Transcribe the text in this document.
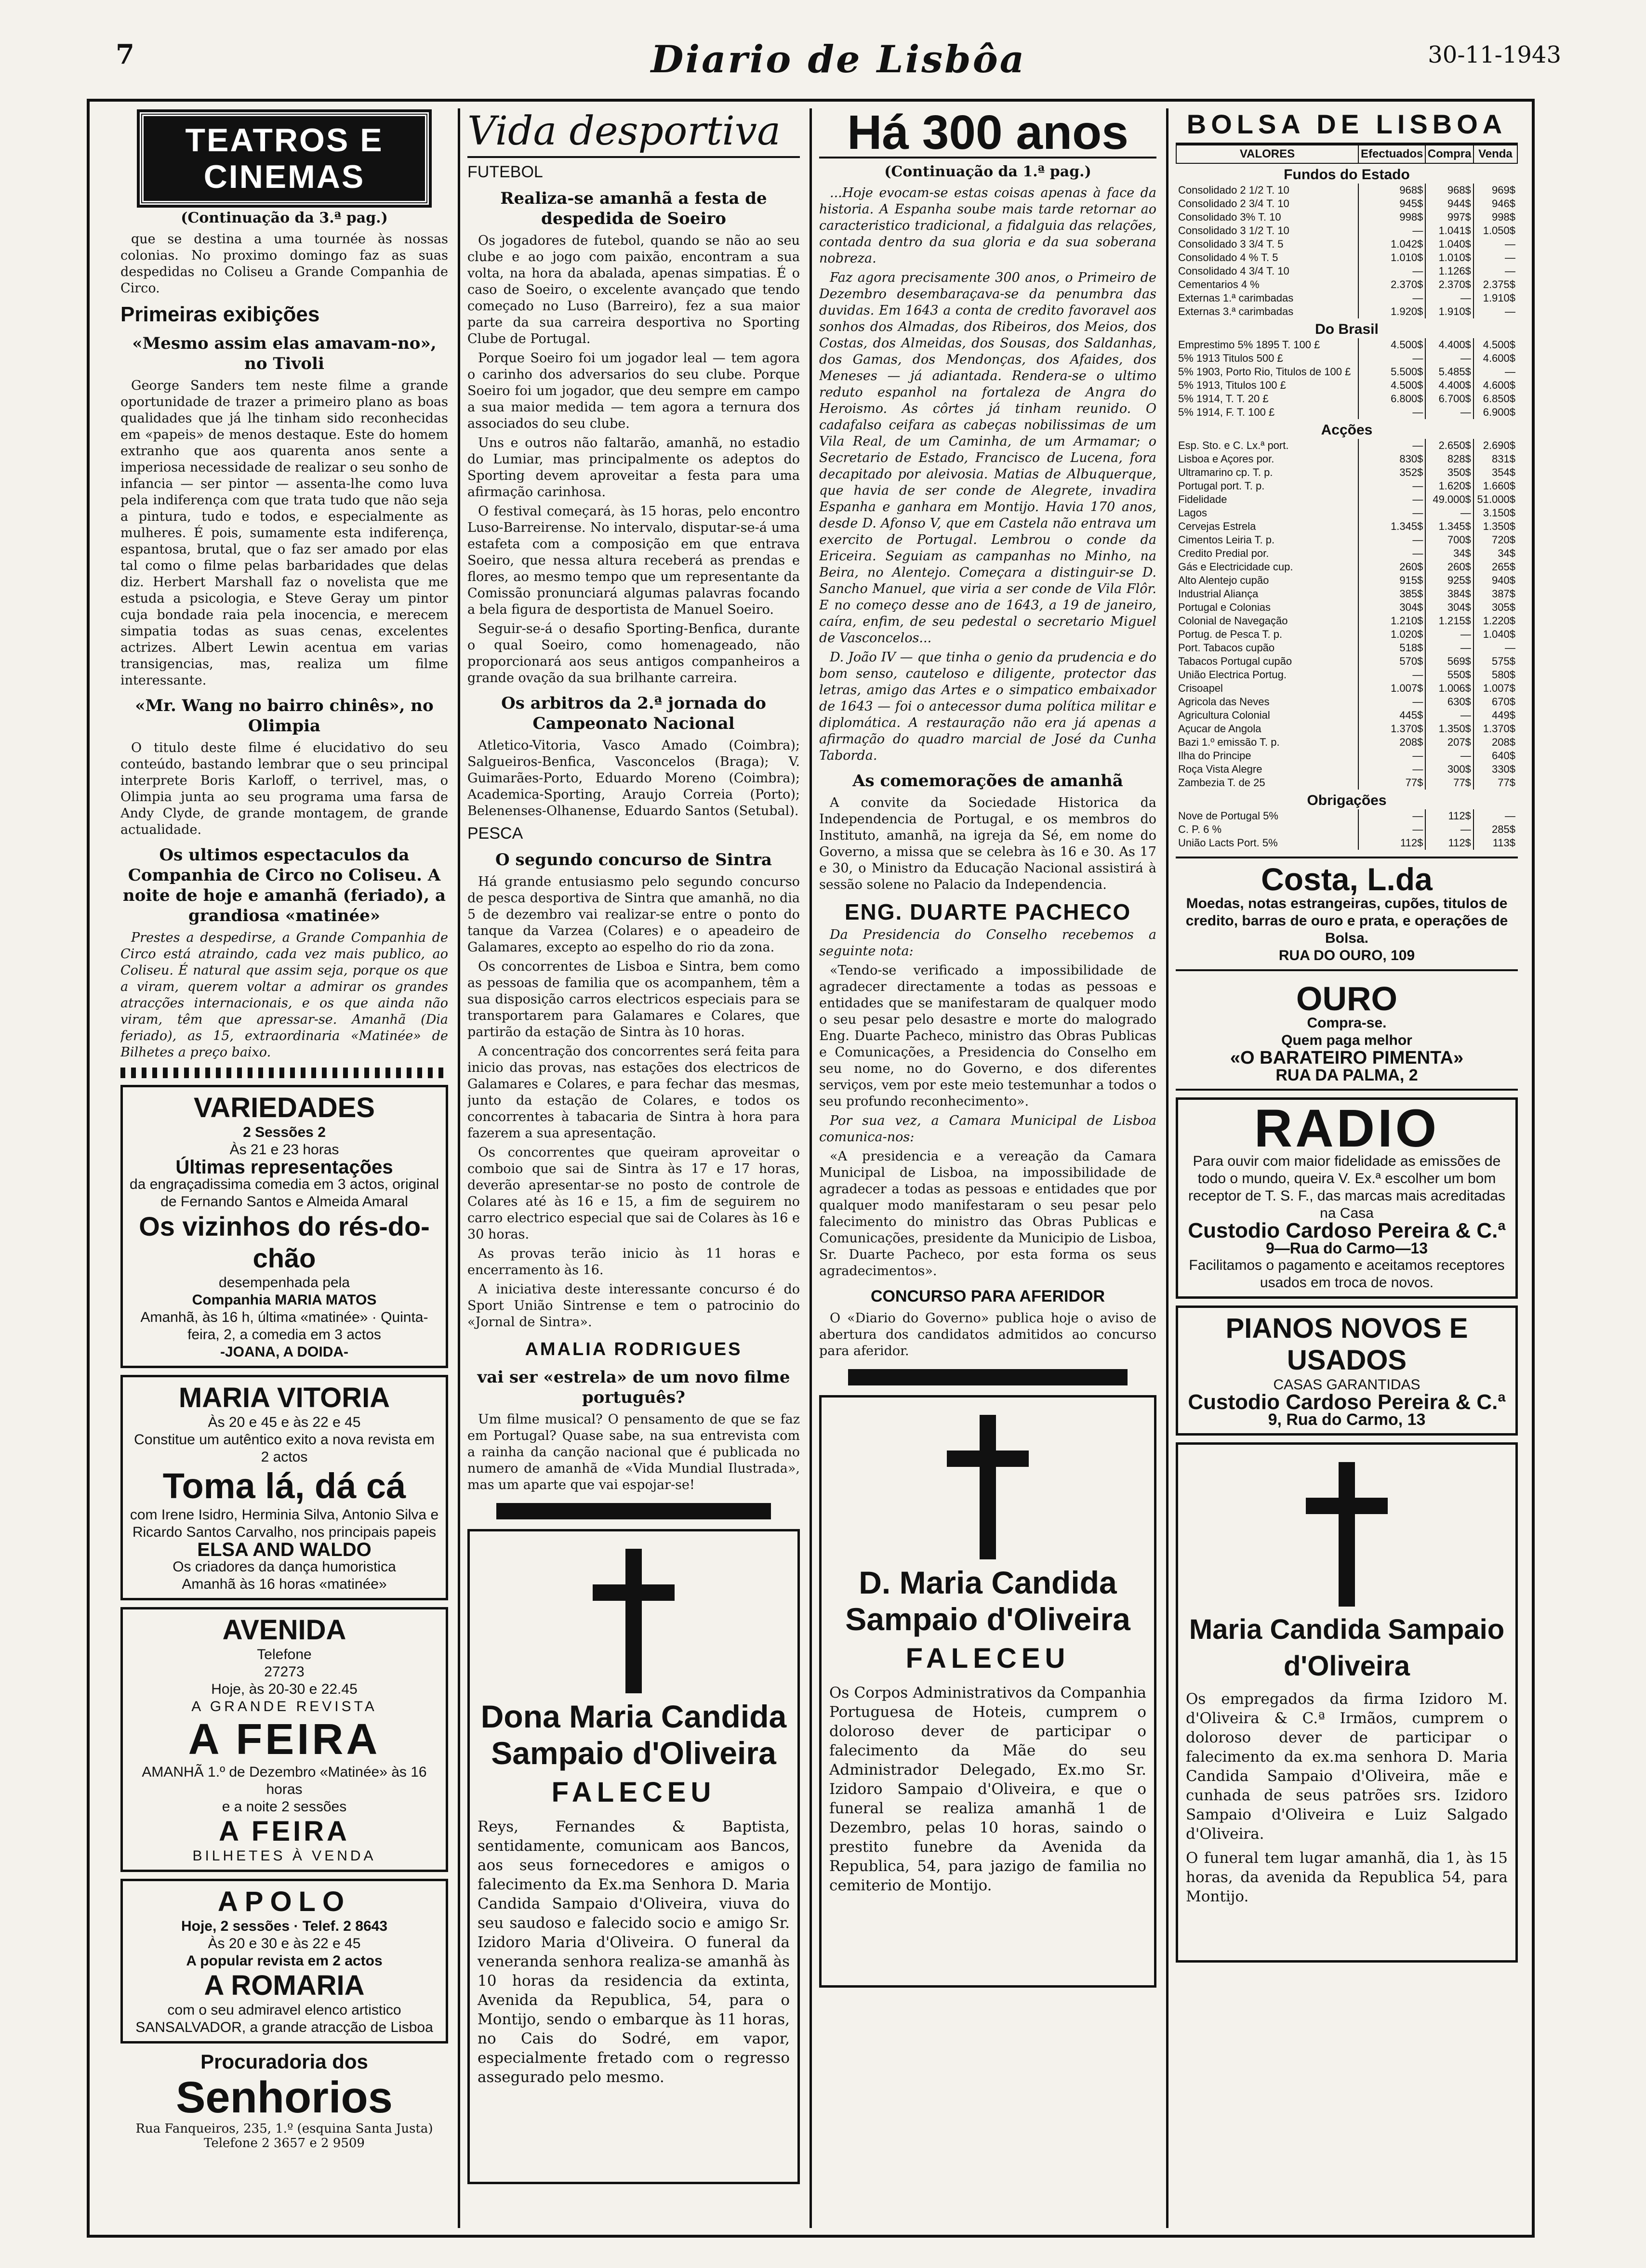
7	Diario de Lisbôa	30-11-1943
TEATROS E CINEMAS
(Continuação da 3.ª pag.)

que se destina a uma tournée às nossas colonias. No proximo domingo faz as suas despedidas no Coliseu a Grande Companhia de Circo.

Primeiras exibições
«Mesmo assim elas amavam-no», no Tivoli

George Sanders tem neste filme a grande oportunidade de trazer a primeiro plano as boas qualidades que já lhe tinham sido reconhecidas em «papeis» de menos destaque. Este do homem extranho que aos quarenta anos sente a imperiosa necessidade de realizar o seu sonho de infancia — ser pintor — assenta-lhe como luva pela indiferença com que trata tudo que não seja a pintura, tudo e todos, e especialmente as mulheres. É pois, sumamente esta indiferença, espantosa, brutal, que o faz ser amado por elas tal como o filme pelas barbaridades que delas diz. Herbert Marshall faz o novelista que me estuda a psicologia, e Steve Geray um pintor cuja bondade raia pela inocencia, e merecem simpatia todas as suas cenas, excelentes actrizes. Albert Lewin acentua em varias transigencias, mas, realiza um filme interessante.

«Mr. Wang no bairro chinês», no Olimpia

O titulo deste filme é elucidativo do seu conteúdo, bastando lembrar que o seu principal interprete Boris Karloff, o terrivel, mas, o Olimpia junta ao seu programa uma farsa de Andy Clyde, de grande montagem, de grande actualidade.

Os ultimos espectaculos da Companhia de Circo no Coliseu. A noite de hoje e amanhã (feriado), a grandiosa «matinée»

Prestes a despedirse, a Grande Companhia de Circo está atraindo, cada vez mais publico, ao Coliseu. É natural que assim seja, porque os que a viram, querem voltar a admirar os grandes atracções internacionais, e os que ainda não viram, têm que apressar-se. Amanhã (Dia feriado), as 15, extraordinaria «Matinée» de Bilhetes a preço baixo.

VARIEDADES
2 Sessões 2
Às 21 e 23 horas
Últimas representações
da engraçadissima comedia em 3 actos, original de Fernando Santos e Almeida Amaral
Os vizinhos do rés-do-chão
desempenhada pela
Companhia MARIA MATOS
Amanhã, às 16 h, última «matinée» · Quinta-feira, 2, a comedia em 3 actos
-JOANA, A DOIDA-
MARIA VITORIA
Às 20 e 45 e às 22 e 45
Constitue um autêntico exito a nova revista em 2 actos
Toma lá, dá cá
com Irene Isidro, Herminia Silva, Antonio Silva e Ricardo Santos Carvalho, nos principais papeis
ELSA AND WALDO
Os criadores da dança humoristica
Amanhã às 16 horas «matinée»
AVENIDA
Telefone
27273
Hoje, às 20-30 e 22.45
A GRANDE REVISTA
A FEIRA
AMANHÃ 1.º de Dezembro «Matinée» às 16 horas
e a noite 2 sessões
A FEIRA
BILHETES À VENDA
APOLO
Hoje, 2 sessões · Telef. 2 8643
Às 20 e 30 e às 22 e 45
A popular revista em 2 actos
A ROMARIA
com o seu admiravel elenco artistico SANSALVADOR, a grande atracção de Lisboa
Procuradoria dos
Senhorios
Rua Fanqueiros, 235, 1.º (esquina Santa Justa)
Telefone 2 3657 e 2 9509
Vida desportiva
FUTEBOL
Realiza-se amanhã a festa de despedida de Soeiro

Os jogadores de futebol, quando se não ao seu clube e ao jogo com paixão, encontram a sua volta, na hora da abalada, apenas simpatias. É o caso de Soeiro, o excelente avançado que tendo começado no Luso (Barreiro), fez a sua maior parte da sua carreira desportiva no Sporting Clube de Portugal.

Porque Soeiro foi um jogador leal — tem agora o carinho dos adversarios do seu clube. Porque Soeiro foi um jogador, que deu sempre em campo a sua maior medida — tem agora a ternura dos associados do seu clube.

Uns e outros não faltarão, amanhã, no estadio do Lumiar, mas principalmente os adeptos do Sporting devem aproveitar a festa para uma afirmação carinhosa.

O festival começará, às 15 horas, pelo encontro Luso-Barreirense. No intervalo, disputar-se-á uma estafeta com a composição em que entrava Soeiro, que nessa altura receberá as prendas e flores, ao mesmo tempo que um representante da Comissão pronunciará algumas palavras focando a bela figura de desportista de Manuel Soeiro.

Seguir-se-á o desafio Sporting-Benfica, durante o qual Soeiro, como homenageado, não proporcionará aos seus antigos companheiros a grande ovação da sua brilhante carreira.

Os arbitros da 2.ª jornada do Campeonato Nacional

Atletico-Vitoria, Vasco Amado (Coimbra); Salgueiros-Benfica, Vasconcelos (Braga); V. Guimarães-Porto, Eduardo Moreno (Coimbra); Academica-Sporting, Araujo Correia (Porto); Belenenses-Olhanense, Eduardo Santos (Setubal).

PESCA
O segundo concurso de Sintra

Há grande entusiasmo pelo segundo concurso de pesca desportiva de Sintra que amanhã, no dia 5 de dezembro vai realizar-se entre o ponto do tanque da Varzea (Colares) e o apeadeiro de Galamares, excepto ao espelho do rio da zona.

Os concorrentes de Lisboa e Sintra, bem como as pessoas de familia que os acompanhem, têm a sua disposição carros electricos especiais para se transportarem para Galamares e Colares, que partirão da estação de Sintra às 10 horas.

A concentração dos concorrentes será feita para inicio das provas, nas estações dos electricos de Galamares e Colares, e para fechar das mesmas, junto da estação de Colares, e todos os concorrentes à tabacaria de Sintra à hora para fazerem a sua apresentação.

Os concorrentes que queiram aproveitar o comboio que sai de Sintra às 17 e 17 horas, deverão apresentar-se no posto de controle de Colares até às 16 e 15, a fim de seguirem no carro electrico especial que sai de Colares às 16 e 30 horas.

As provas terão inicio às 11 horas e encerramento às 16.

A iniciativa deste interessante concurso é do Sport União Sintrense e tem o patrocinio do «Jornal de Sintra».

AMALIA RODRIGUES
vai ser «estrela» de um novo filme português?

Um filme musical? O pensamento de que se faz em Portugal? Quase sabe, na sua entrevista com a rainha da canção nacional que é publicada no numero de amanhã de «Vida Mundial Ilustrada», mas um aparte que vai espojar-se!

Dona Maria Candida Sampaio d'Oliveira
FALECEU
Reys, Fernandes & Baptista, sentidamente, comunicam aos Bancos, aos seus fornecedores e amigos o falecimento da Ex.ma Senhora D. Maria Candida Sampaio d'Oliveira, viuva do seu saudoso e falecido socio e amigo Sr. Izidoro Maria d'Oliveira. O funeral da veneranda senhora realiza-se amanhã às 10 horas da residencia da extinta, Avenida da Republica, 54, para o Montijo, sendo o embarque às 11 horas, no Cais do Sodré, em vapor, especialmente fretado com o regresso assegurado pelo mesmo.
Há 300 anos
(Continuação da 1.ª pag.)

...Hoje evocam-se estas coisas apenas à face da historia. A Espanha soube mais tarde retornar ao caracteristico tradicional, a fidalguia das relações, contada dentro da sua gloria e da sua soberana nobreza.

Faz agora precisamente 300 anos, o Primeiro de Dezembro desembaraçava-se da penumbra das duvidas. Em 1643 a conta de credito favoravel aos sonhos dos Almadas, dos Ribeiros, dos Meios, dos Costas, dos Almeidas, dos Sousas, dos Saldanhas, dos Gamas, dos Mendonças, dos Afaides, dos Meneses — já adiantada. Rendera-se o ultimo reduto espanhol na fortaleza de Angra do Heroismo. As côrtes já tinham reunido. O cadafalso ceifara as cabeças nobilissimas de um Vila Real, de um Caminha, de um Armamar; o Secretario de Estado, Francisco de Lucena, fora decapitado por aleivosia. Matias de Albuquerque, que havia de ser conde de Alegrete, invadira Espanha e ganhara em Montijo. Havia 170 anos, desde D. Afonso V, que em Castela não entrava um exercito de Portugal. Lembrou o conde da Ericeira. Seguiam as campanhas no Minho, na Beira, no Alentejo. Começara a distinguir-se D. Sancho Manuel, que viria a ser conde de Vila Flôr. E no começo desse ano de 1643, a 19 de janeiro, caíra, enfim, de seu pedestal o secretario Miguel de Vasconcelos...

D. João IV — que tinha o genio da prudencia e do bom senso, cauteloso e diligente, protector das letras, amigo das Artes e o simpatico embaixador de 1643 — foi o antecessor duma política militar e diplomática. A restauração não era já apenas a afirmação do quadro marcial de José da Cunha Taborda.

As comemorações de amanhã

A convite da Sociedade Historica da Independencia de Portugal, e os membros do Instituto, amanhã, na igreja da Sé, em nome do Governo, a missa que se celebra às 16 e 30. As 17 e 30, o Ministro da Educação Nacional assistirá à sessão solene no Palacio da Independencia.

ENG. DUARTE PACHECO

Da Presidencia do Conselho recebemos a seguinte nota:

«Tendo-se verificado a impossibilidade de agradecer directamente a todas as pessoas e entidades que se manifestaram de qualquer modo o seu pesar pelo desastre e morte do malogrado Eng. Duarte Pacheco, ministro das Obras Publicas e Comunicações, a Presidencia do Conselho em seu nome, no do Governo, e dos diferentes serviços, vem por este meio testemunhar a todos o seu profundo reconhecimento».

Por sua vez, a Camara Municipal de Lisboa comunica-nos:

«A presidencia e a vereação da Camara Municipal de Lisboa, na impossibilidade de agradecer a todas as pessoas e entidades que por qualquer modo manifestaram o seu pesar pelo falecimento do ministro das Obras Publicas e Comunicações, presidente da Municipio de Lisboa, Sr. Duarte Pacheco, por esta forma os seus agradecimentos».

CONCURSO PARA AFERIDOR

O «Diario do Governo» publica hoje o aviso de abertura dos candidatos admitidos ao concurso para aferidor.

D. Maria Candida Sampaio d'Oliveira
FALECEU
Os Corpos Administrativos da Companhia Portuguesa de Hoteis, cumprem o doloroso dever de participar o falecimento da Mãe do seu Administrador Delegado, Ex.mo Sr. Izidoro Sampaio d'Oliveira, e que o funeral se realiza amanhã 1 de Dezembro, pelas 10 horas, saindo o prestito funebre da Avenida da Republica, 54, para jazigo de familia no cemiterio de Montijo.
BOLSA DE LISBOA
VALORES	Efectuados	Compra	Venda
Fundos do Estado			
Consolidado 2 1/2 T. 10	968$	968$	969$
Consolidado 2 3/4 T. 10	945$	944$	946$
Consolidado 3% T. 10	998$	997$	998$
Consolidado 3 1/2 T. 10	—	1.041$	1.050$
Consolidado 3 3/4 T. 5	1.042$	1.040$	—
Consolidado 4 % T. 5	1.010$	1.010$	—
Consolidado 4 3/4 T. 10	—	1.126$	—
Cementarios 4 %	2.370$	2.370$	2.375$
Externas 1.ª carimbadas	—	—	1.910$
Externas 3.ª carimbadas	1.920$	1.910$	—
Do Brasil			
Emprestimo 5% 1895 T. 100 £	4.500$	4.400$	4.500$
5% 1913 Titulos 500 £	—	—	4.600$
5% 1903, Porto Rio, Titulos de 100 £	5.500$	5.485$	—
5% 1913, Titulos 100 £	4.500$	4.400$	4.600$
5% 1914, T. T. 20 £	6.800$	6.700$	6.850$
5% 1914, F. T. 100 £	—	—	6.900$
Acções			
Esp. Sto. e C. Lx.ª port.	—	2.650$	2.690$
Lisboa e Açores por.	830$	828$	831$
Ultramarino cp. T. p.	352$	350$	354$
Portugal port. T. p.	—	1.620$	1.660$
Fidelidade	—	49.000$	51.000$
Lagos	—	—	3.150$
Cervejas Estrela	1.345$	1.345$	1.350$
Cimentos Leiria T. p.	—	700$	720$
Credito Predial por.	—	34$	34$
Gás e Electricidade cup.	260$	260$	265$
Alto Alentejo cupão	915$	925$	940$
Industrial Aliança	385$	384$	387$
Portugal e Colonias	304$	304$	305$
Colonial de Navegação	1.210$	1.215$	1.220$
Portug. de Pesca T. p.	1.020$	—	1.040$
Port. Tabacos cupão	518$	—	—
Tabacos Portugal cupão	570$	569$	575$
União Electrica Portug.	—	550$	580$
Crisoapel	1.007$	1.006$	1.007$
Agricola das Neves	—	630$	670$
Agricultura Colonial	445$	—	449$
Açucar de Angola	1.370$	1.350$	1.370$
Bazi 1.º emissão T. p.	208$	207$	208$
Ilha do Principe	—	—	640$
Roça Vista Alegre	—	300$	330$
Zambezia T. de 25	77$	77$	77$
Obrigações			
Nove de Portugal 5%	—	112$	—
C. P. 6 %	—	—	285$
União Lacts Port. 5%	112$	112$	113$
Costa, L.da
Moedas, notas estrangeiras, cupões, titulos de credito, barras de ouro e prata, e operações de Bolsa.
RUA DO OURO, 109
OURO
Compra-se.
Quem paga melhor
«O BARATEIRO PIMENTA»
RUA DA PALMA, 2
RADIO
Para ouvir com maior fidelidade as emissões de todo o mundo, queira V. Ex.ª escolher um bom receptor de T. S. F., das marcas mais acreditadas na Casa
Custodio Cardoso Pereira & C.ª
9—Rua do Carmo—13
Facilitamos o pagamento e aceitamos receptores usados em troca de novos.
PIANOS NOVOS E USADOS
CASAS GARANTIDAS
Custodio Cardoso Pereira & C.ª
9, Rua do Carmo, 13
Maria Candida Sampaio d'Oliveira
Os empregados da firma Izidoro M. d'Oliveira & C.ª Irmãos, cumprem o doloroso dever de participar o falecimento da ex.ma senhora D. Maria Candida Sampaio d'Oliveira, mãe e cunhada de seus patrões srs. Izidoro Sampaio d'Oliveira e Luiz Salgado d'Oliveira.
O funeral tem lugar amanhã, dia 1, às 15 horas, da avenida da Republica 54, para Montijo.
